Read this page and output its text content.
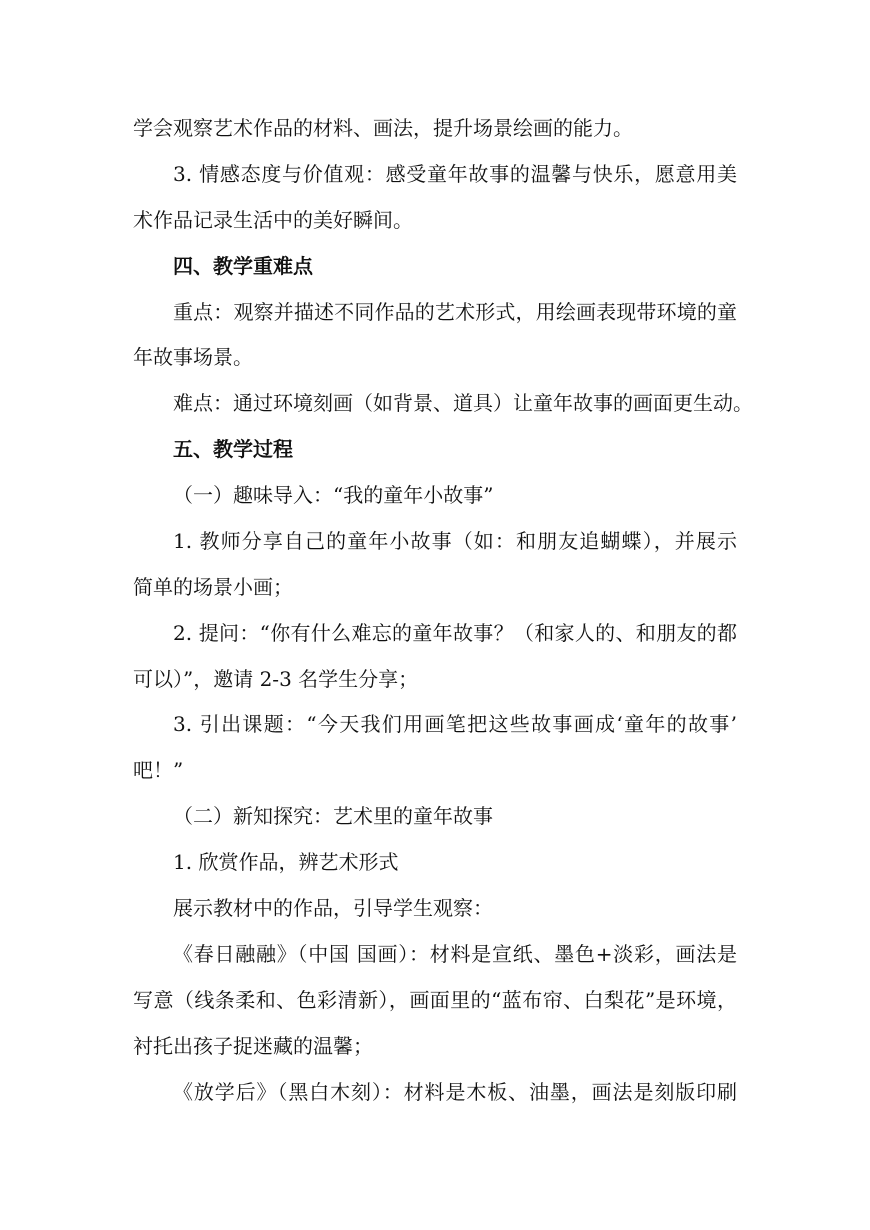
学会观察艺术作品的材料、画法，提升场景绘画的能力。
3. 情感态度与价值观：感受童年故事的温馨与快乐，愿意用美
术作品记录生活中的美好瞬间。
四、教学重难点
重点：观察并描述不同作品的艺术形式，用绘画表现带环境的童
年故事场景。
难点：通过环境刻画（如背景、道具）让童年故事的画面更生动。
五、教学过程
（一）趣味导入：“我的童年小故事”
1. 教师分享自己的童年小故事（如：和朋友追蝴蝶），并展示
简单的场景小画；
2. 提问：“你有什么难忘的童年故事？（和家人的、和朋友的都
可以）”，邀请 2-3 名学生分享；
3. 引出课题：“今天我们用画笔把这些故事画成‘童年的故事’
吧！”
（二）新知探究：艺术里的童年故事
1. 欣赏作品，辨艺术形式
展示教材中的作品，引导学生观察：
《春日融融》（中国 国画）：材料是宣纸、墨色+淡彩，画法是
写意（线条柔和、色彩清新），画面里的“蓝布帘、白梨花”是环境，
衬托出孩子捉迷藏的温馨；
《放学后》（黑白木刻）：材料是木板、油墨，画法是刻版印刷
